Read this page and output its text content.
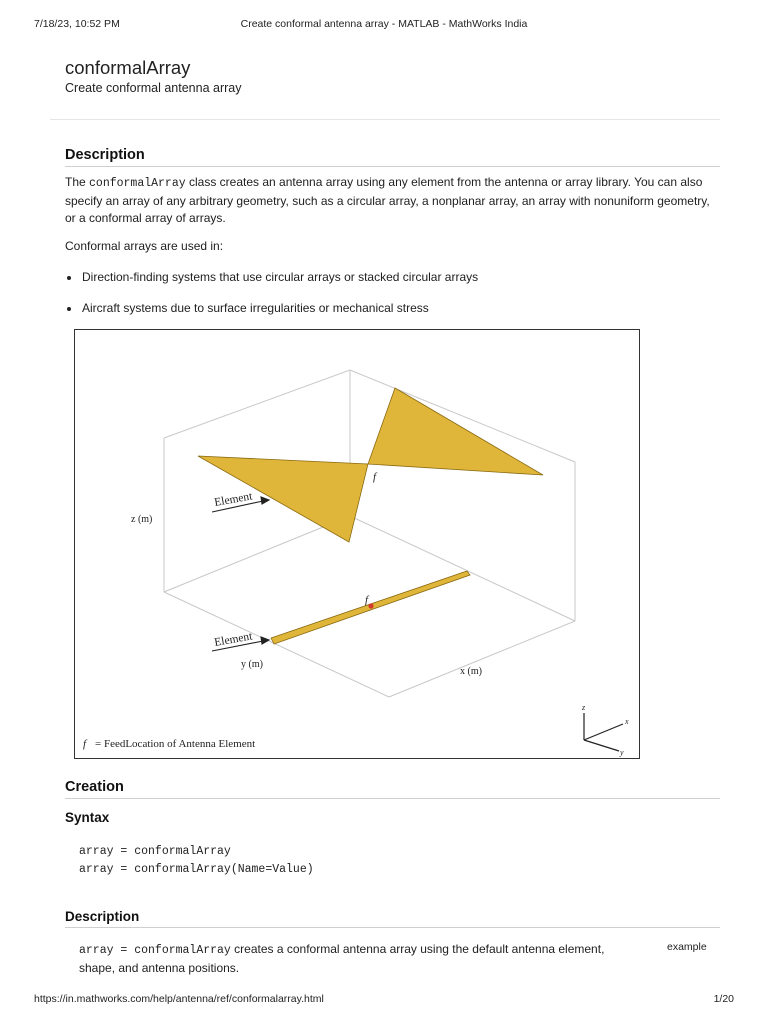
7/18/23, 10:52 PM	Create conformal antenna array - MATLAB - MathWorks India
conformalArray

Create conformal antenna array

Description

The conformalArray class creates an antenna array using any element from the antenna or array library. You can also specify an array of any arbitrary geometry, such as a circular array, a nonplanar array, an array with nonuniform geometry, or a conformal array of arrays.

Conformal arrays are used in:

Direction-finding systems that use circular arrays or stacked circular arrays
Aircraft systems due to surface irregularities or mechanical stress
Element
Element
f
f
z (m)
y (m)
x (m)
f = FeedLocation of Antenna Element
z
x
y
Creation
Syntax
array = conformalArray
array = conformalArray(Name=Value)
Description

array = conformalArray creates a conformal antenna array using the default antenna element, shape, and antenna positions.

example
https://in.mathworks.com/help/antenna/ref/conformalarray.html	1/20
